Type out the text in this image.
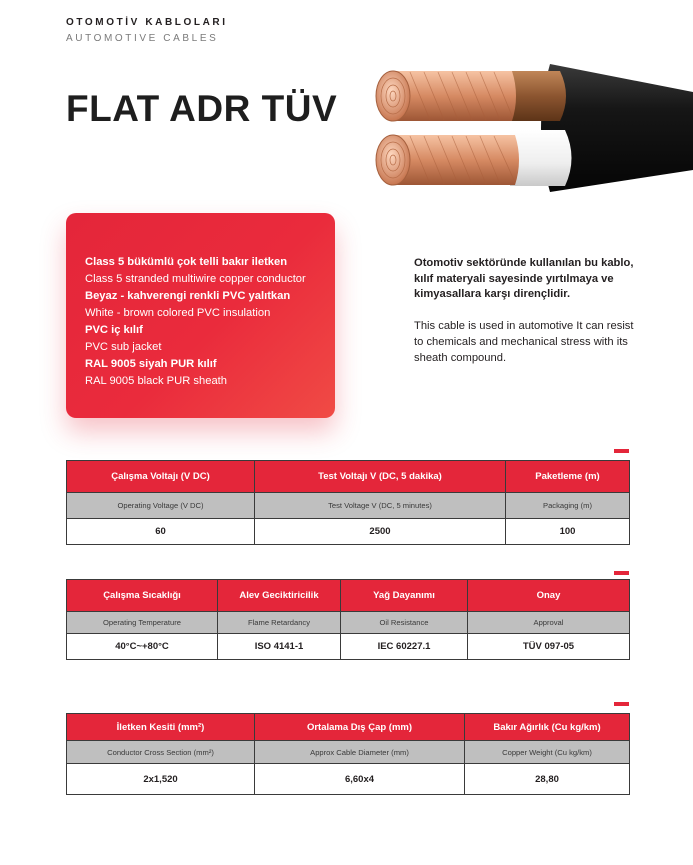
OTOMOTİV KABLOLARI
AUTOMOTIVE CABLES
FLAT ADR TÜV
Class 5 bükümlü çok telli bakır iletken
Class 5 stranded multiwire copper conductor
Beyaz - kahverengi renkli PVC yalıtkan
White - brown colored PVC insulation
PVC iç kılıf
PVC sub jacket
RAL 9005 siyah PUR kılıf
RAL 9005 black PUR sheath

Otomotiv sektöründe kullanılan bu kablo, kılıf materyali sayesinde yırtılmaya ve kimyasallara karşı dirençlidir.

This cable is used in automotive It can resist to chemicals and mechanical stress with its sheath compound.

Çalışma Voltajı (V DC)	Test Voltajı V (DC, 5 dakika)	Paketleme (m)
Operating Voltage (V DC)	Test Voltage V (DC, 5 minutes)	Packaging (m)
60	2500	100
Çalışma Sıcaklığı	Alev Geciktiricilik	Yağ Dayanımı	Onay
Operating Temperature	Flame Retardancy	Oil Resistance	Approval
40°C~+80°C	ISO 4141-1	IEC 60227.1	TÜV 097-05
İletken Kesiti (mm²)	Ortalama Dış Çap (mm)	Bakır Ağırlık (Cu kg/km)
Conductor Cross Section (mm²)	Approx Cable Diameter (mm)	Copper Weight (Cu kg/km)
2x1,520	6,60x4	28,80
